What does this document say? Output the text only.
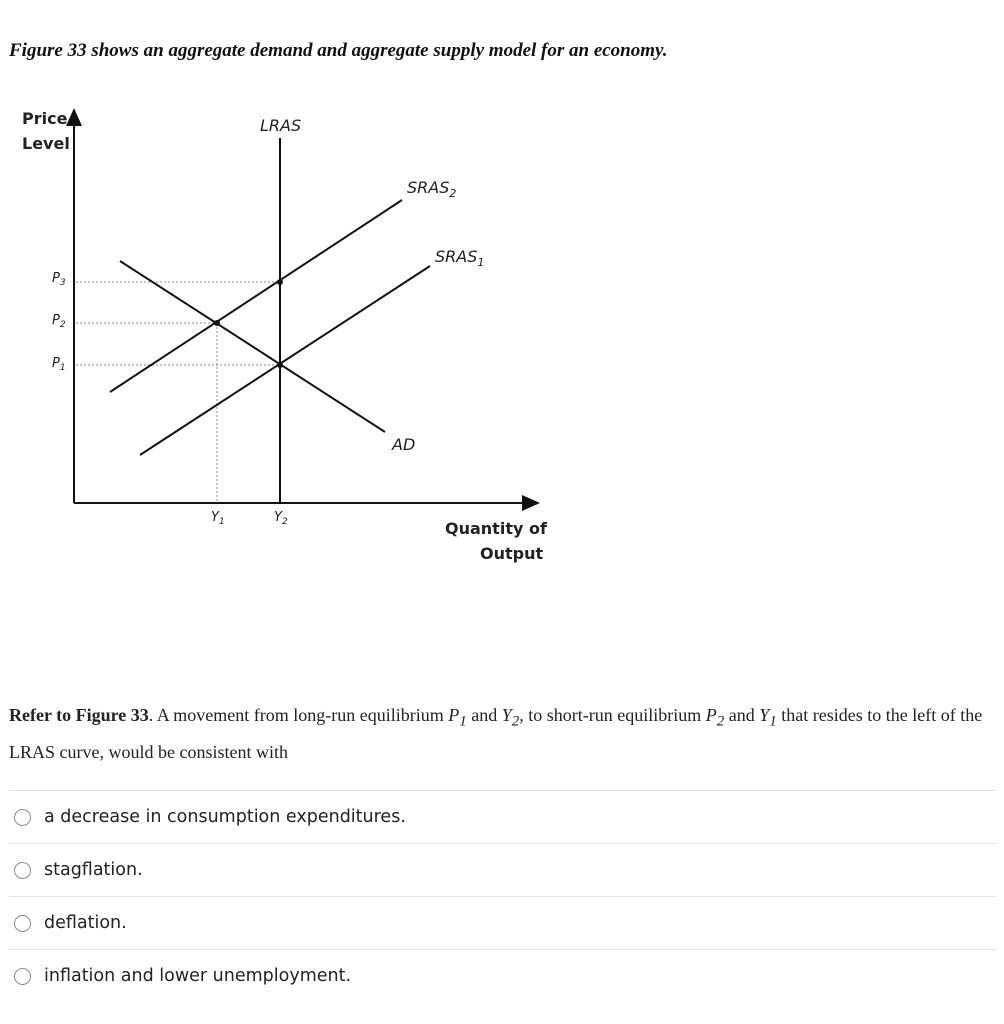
Figure 33 shows an aggregate demand and aggregate supply model for an economy.

Price
Level
Quantity of
Output
LRAS
$SRAS_2$
$SRAS_1$
AD
$P_3$
$P_2$
$P_1$
$Y_1$	$Y_2$

Refer to Figure 33. A movement from long-run equilibrium $P_1$ and $Y_2$, to short-run equilibrium $P_2$ and $Y_1$ that resides to the left of the LRAS curve, would be consistent with

a decrease in consumption expenditures.
stagflation.
deflation.
inflation and lower unemployment.
